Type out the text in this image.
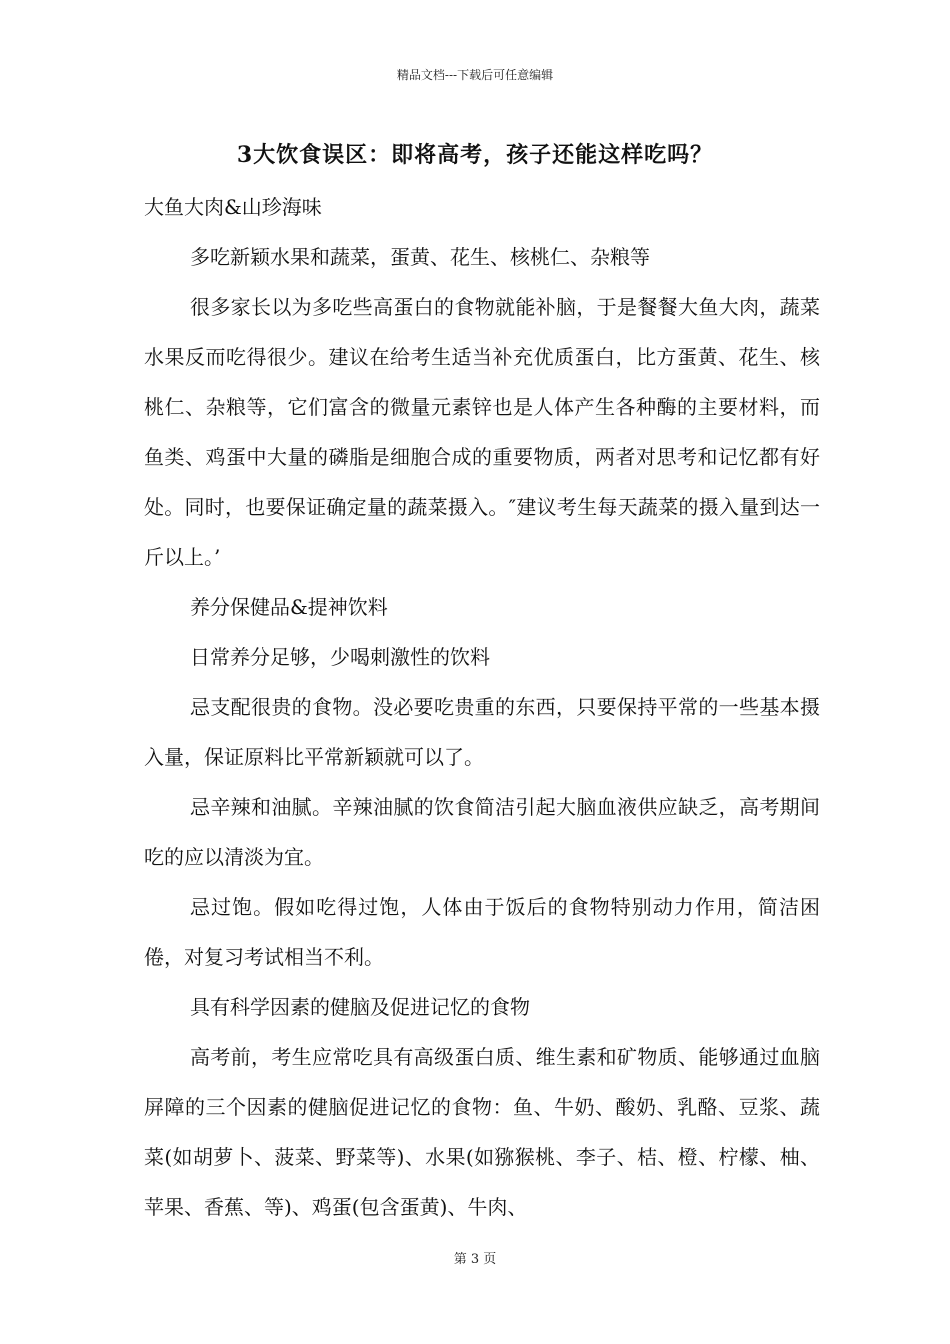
精品文档---下载后可任意编辑
3大饮食误区：即将高考，孩子还能这样吃吗？

大鱼大肉&山珍海味

多吃新颖水果和蔬菜，蛋黄、花生、核桃仁、杂粮等

很多家长以为多吃些高蛋白的食物就能补脑，于是餐餐大鱼大肉，蔬菜水果反而吃得很少。建议在给考生适当补充优质蛋白，比方蛋黄、花生、核桃仁、杂粮等，它们富含的微量元素锌也是人体产生各种酶的主要材料，而鱼类、鸡蛋中大量的磷脂是细胞合成的重要物质，两者对思考和记忆都有好处。同时，也要保证确定量的蔬菜摄入。″建议考生每天蔬菜的摄入量到达一斤以上。’

养分保健品&提神饮料

日常养分足够，少喝刺激性的饮料

忌支配很贵的食物。没必要吃贵重的东西，只要保持平常的一些基本摄入量，保证原料比平常新颖就可以了。

忌辛辣和油腻。辛辣油腻的饮食简洁引起大脑血液供应缺乏，高考期间吃的应以清淡为宜。

忌过饱。假如吃得过饱，人体由于饭后的食物特别动力作用，简洁困倦，对复习考试相当不利。

具有科学因素的健脑及促进记忆的食物

高考前，考生应常吃具有高级蛋白质、维生素和矿物质、能够通过血脑屏障的三个因素的健脑促进记忆的食物：鱼、牛奶、酸奶、乳酪、豆浆、蔬菜(如胡萝卜、菠菜、野菜等)、水果(如猕猴桃、李子、桔、橙、柠檬、柚、苹果、香蕉、等)、鸡蛋(包含蛋黄)、牛肉、

第 3 页
